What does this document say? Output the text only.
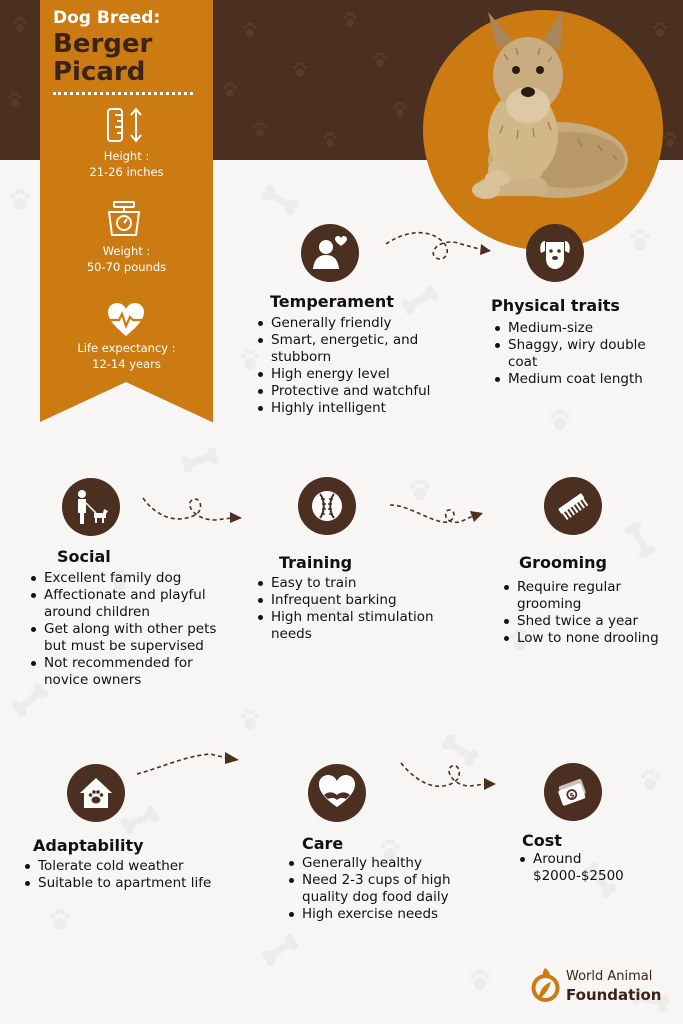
Dog Breed:
Berger Picard
Height :
21-26 inches
Weight :
50-70 pounds
Life expectancy :
12-14 years
Temperament
Generally friendly
Smart, energetic, and stubborn
High energy level
Protective and watchful
Highly intelligent
Physical traits
Medium-size
Shaggy, wiry double coat
Medium coat length
Social
Excellent family dog
Affectionate and playful around children
Get along with other pets but must be supervised
Not recommended for novice owners
Training
Easy to train
Infrequent barking
High mental stimulation needs
Grooming
Require regular grooming
Shed twice a year
Low to none drooling
Adaptability
Tolerate cold weather
Suitable to apartment life
Care
Generally healthy
Need 2-3 cups of high quality dog food daily
High exercise needs
$
Cost
Around $2000-$2500
World Animal
Foundation
